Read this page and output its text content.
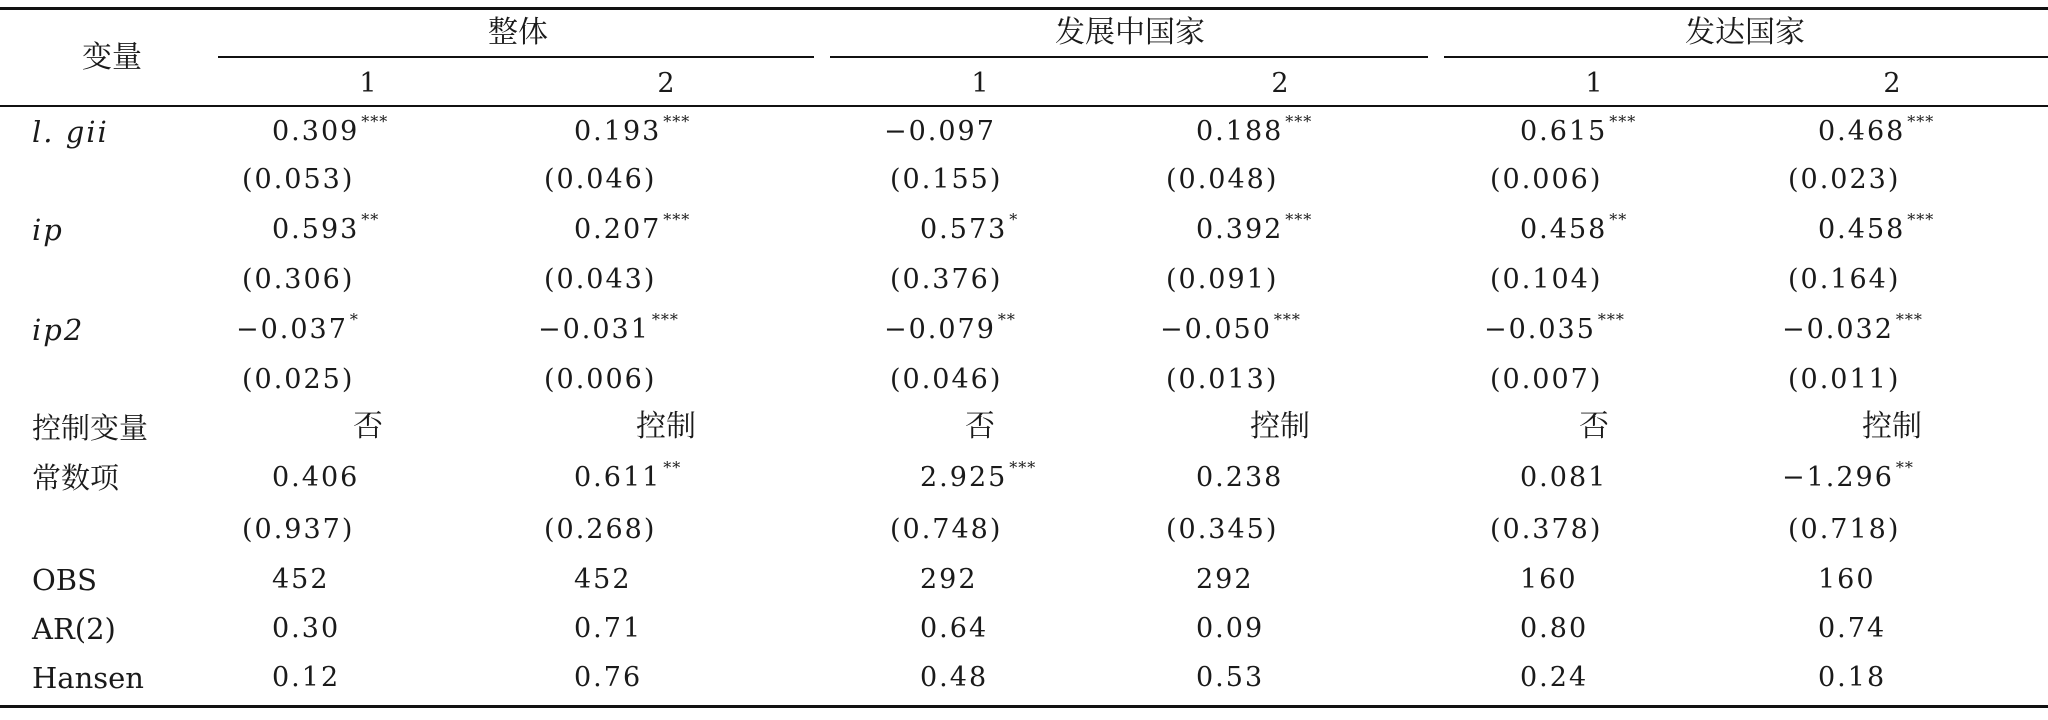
变量
整体	发展中国家	发达国家
1	2	1	2	1	2
l. gii	0.309 ***	0.193 ***	−0.097	0.188 ***	0.615 ***	0.468 ***
(0.053)	(0.046)	(0.155)	(0.048)	(0.006)	(0.023)
ip	0.593 **	0.207 ***	0.573 *	0.392 ***	0.458 **	0.458 ***
(0.306)	(0.043)	(0.376)	(0.091)	(0.104)	(0.164)
ip2	−0.037 *	−0.031 ***	−0.079 **	−0.050 ***	−0.035 ***	−0.032 ***
(0.025)	(0.006)	(0.046)	(0.013)	(0.007)	(0.011)
控制变量	否	控制	否	控制	否	控制
常数项	0.406	0.611 **	2.925 ***	0.238	0.081	−1.296 **
(0.937)	(0.268)	(0.748)	(0.345)	(0.378)	(0.718)
OBS	452	452	292	292	160	160
AR(2)	0.30	0.71	0.64	0.09	0.80	0.74
Hansen	0.12	0.76	0.48	0.53	0.24	0.18
